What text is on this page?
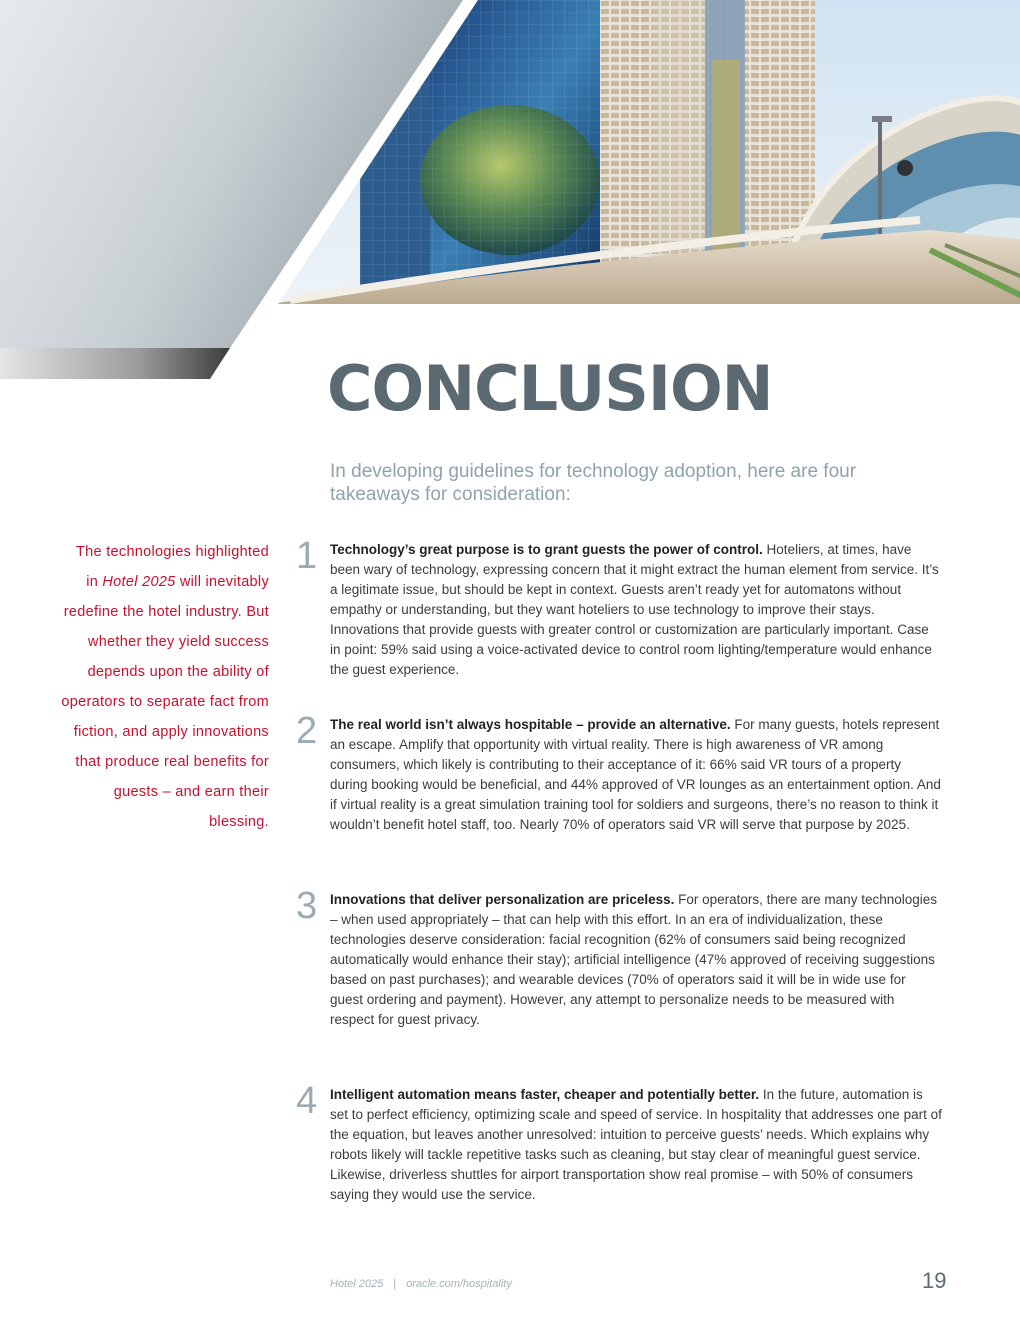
CONCLUSION

In developing guidelines for technology adoption, here are four takeaways for consideration:

The technologies highlighted in Hotel 2025 will inevitably redefine the hotel industry. But whether they yield success depends upon the ability of operators to separate fact from fiction, and apply innovations that produce real benefits for guests – and earn their blessing.

1 Technology’s great purpose is to grant guests the power of control. Hoteliers, at times, have been wary of technology, expressing concern that it might extract the human element from service. It’s a legitimate issue, but should be kept in context. Guests aren’t ready yet for automatons without empathy or understanding, but they want hoteliers to use technology to improve their stays. Innovations that provide guests with greater control or customization are particularly important. Case in point: 59% said using a voice-activated device to control room lighting/temperature would enhance the guest experience.

2 The real world isn’t always hospitable – provide an alternative. For many guests, hotels represent an escape. Amplify that opportunity with virtual reality. There is high awareness of VR among consumers, which likely is contributing to their acceptance of it: 66% said VR tours of a property during booking would be beneficial, and 44% approved of VR lounges as an entertainment option. And if virtual reality is a great simulation training tool for soldiers and surgeons, there’s no reason to think it wouldn’t benefit hotel staff, too. Nearly 70% of operators said VR will serve that purpose by 2025.

3 Innovations that deliver personalization are priceless. For operators, there are many technologies – when used appropriately – that can help with this effort. In an era of individualization, these technologies deserve consideration: facial recognition (62% of consumers said being recognized automatically would enhance their stay); artificial intelligence (47% approved of receiving suggestions based on past purchases); and wearable devices (70% of operators said it will be in wide use for guest ordering and payment). However, any attempt to personalize needs to be measured with respect for guest privacy.

4 Intelligent automation means faster, cheaper and potentially better. In the future, automation is set to perfect efficiency, optimizing scale and speed of service. In hospitality that addresses one part of the equation, but leaves another unresolved: intuition to perceive guests’ needs. Which explains why robots likely will tackle repetitive tasks such as cleaning, but stay clear of meaningful guest service. Likewise, driverless shuttles for airport transportation show real promise – with 50% of consumers saying they would use the service.

Hotel 2025 | oracle.com/hospitality	19
